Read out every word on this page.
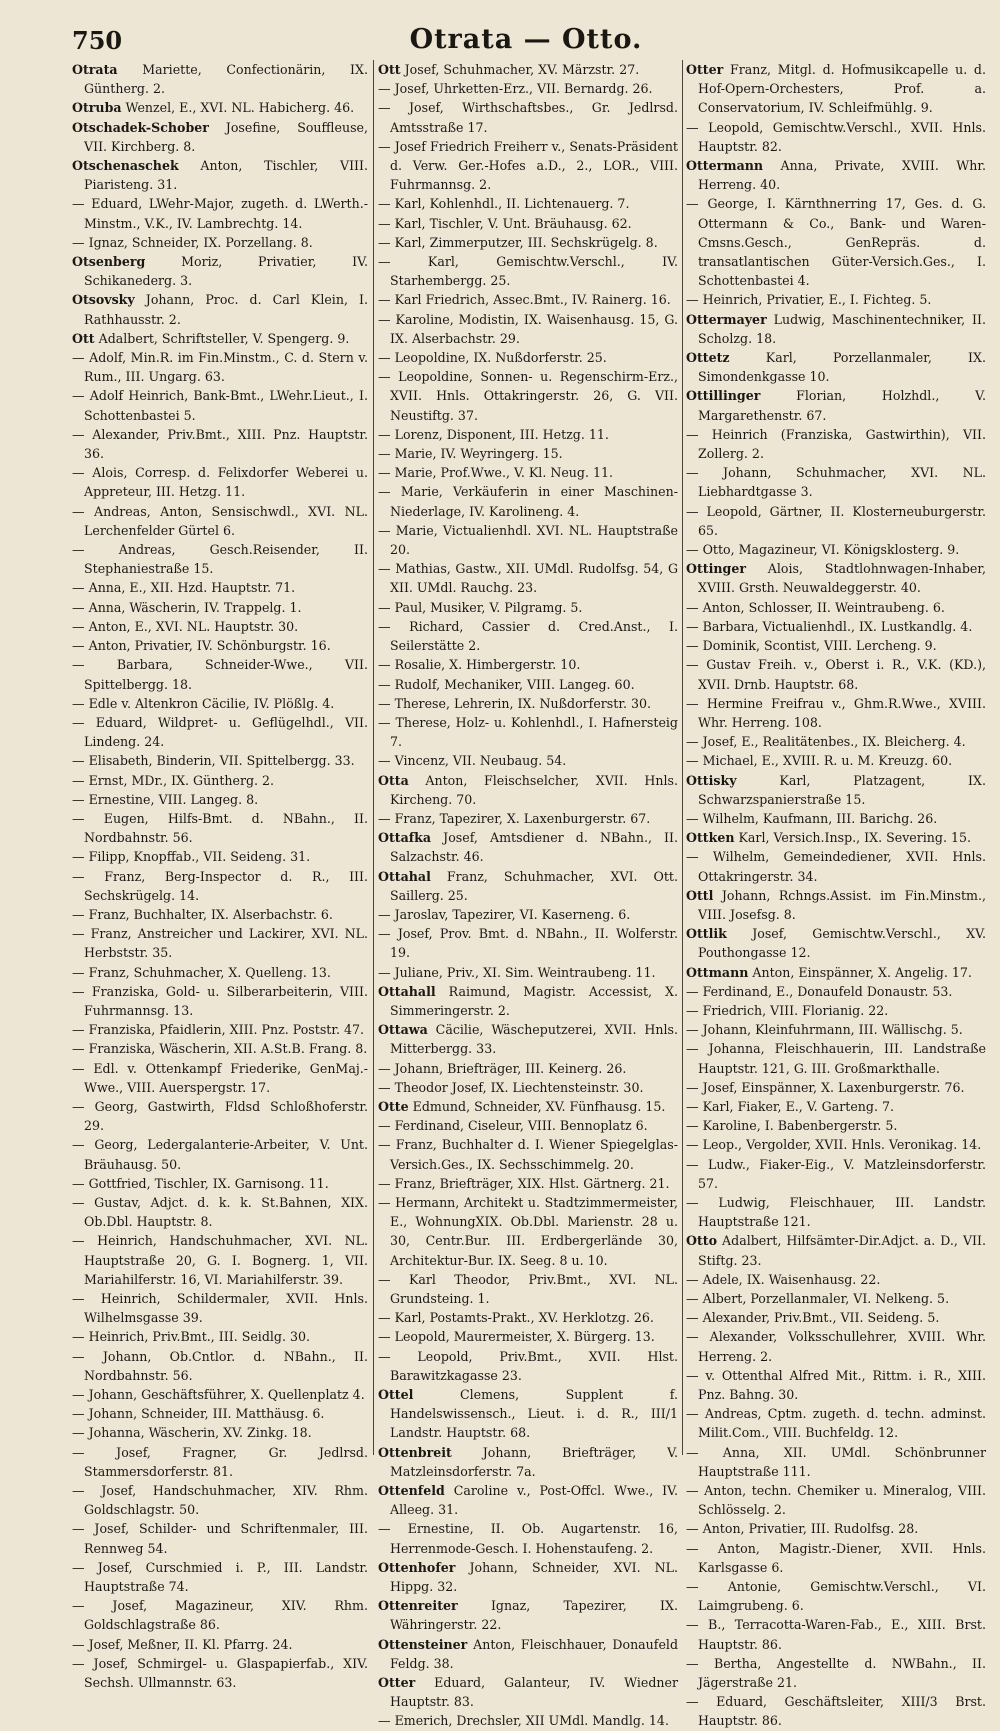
750	Otrata — Otto.

Otrata Mariette, Confectionärin, IX. Güntherg. 2.

Otruba Wenzel, E., XVI. NL. Habicherg. 46.

Otschadek-Schober Josefine, Souffleuse, VII. Kirchberg. 8.

Otschenaschek Anton, Tischler, VIII. Piaristeng. 31.

— Eduard, LWehr-Major, zugeth. d. LWerth.-Minstm., V.K., IV. Lambrechtg. 14.

— Ignaz, Schneider, IX. Porzellang. 8.

Otsenberg Moriz, Privatier, IV. Schikanederg. 3.

Otsovsky Johann, Proc. d. Carl Klein, I. Rathhausstr. 2.

Ott Adalbert, Schriftsteller, V. Spengerg. 9.

— Adolf, Min.R. im Fin.Minstm., C. d. Stern v. Rum., III. Ungarg. 63.

— Adolf Heinrich, Bank-Bmt., LWehr.Lieut., I. Schottenbastei 5.

— Alexander, Priv.Bmt., XIII. Pnz. Hauptstr. 36.

— Alois, Corresp. d. Felixdorfer Weberei u. Appreteur, III. Hetzg. 11.

— Andreas, Anton, Sensischwdl., XVI. NL. Lerchenfelder Gürtel 6.

— Andreas, Gesch.Reisender, II. Stephaniestraße 15.

— Anna, E., XII. Hzd. Hauptstr. 71.

— Anna, Wäscherin, IV. Trappelg. 1.

— Anton, E., XVI. NL. Hauptstr. 30.

— Anton, Privatier, IV. Schönburgstr. 16.

— Barbara, Schneider-Wwe., VII. Spittelbergg. 18.

— Edle v. Altenkron Cäcilie, IV. Plößlg. 4.

— Eduard, Wildpret- u. Geflügelhdl., VII. Lindeng. 24.

— Elisabeth, Binderin, VII. Spittelbergg. 33.

— Ernst, MDr., IX. Güntherg. 2.

— Ernestine, VIII. Langeg. 8.

— Eugen, Hilfs-Bmt. d. NBahn., II. Nordbahnstr. 56.

— Filipp, Knopffab., VII. Seideng. 31.

— Franz, Berg-Inspector d. R., III. Sechskrügelg. 14.

— Franz, Buchhalter, IX. Alserbachstr. 6.

— Franz, Anstreicher und Lackirer, XVI. NL. Herbststr. 35.

— Franz, Schuhmacher, X. Quelleng. 13.

— Franziska, Gold- u. Silberarbeiterin, VIII. Fuhrmannsg. 13.

— Franziska, Pfaidlerin, XIII. Pnz. Poststr. 47.

— Franziska, Wäscherin, XII. A.St.B. Frang. 8.

— Edl. v. Ottenkampf Friederike, GenMaj.-Wwe., VIII. Auerspergstr. 17.

— Georg, Gastwirth, Fldsd Schloßhoferstr. 29.

— Georg, Ledergalanterie-Arbeiter, V. Unt. Bräuhausg. 50.

— Gottfried, Tischler, IX. Garnisong. 11.

— Gustav, Adjct. d. k. k. St.Bahnen, XIX. Ob.Dbl. Hauptstr. 8.

— Heinrich, Handschuhmacher, XVI. NL. Hauptstraße 20, G. I. Bognerg. 1, VII. Mariahilferstr. 16, VI. Mariahilferstr. 39.

— Heinrich, Schildermaler, XVII. Hnls. Wilhelmsgasse 39.

— Heinrich, Priv.Bmt., III. Seidlg. 30.

— Johann, Ob.Cntlor. d. NBahn., II. Nordbahnstr. 56.

— Johann, Geschäftsführer, X. Quellenplatz 4.

— Johann, Schneider, III. Matthäusg. 6.

— Johanna, Wäscherin, XV. Zinkg. 18.

— Josef, Fragner, Gr. Jedlrsd. Stammersdorferstr. 81.

— Josef, Handschuhmacher, XIV. Rhm. Goldschlagstr. 50.

— Josef, Schilder- und Schriftenmaler, III. Rennweg 54.

— Josef, Curschmied i. P., III. Landstr. Hauptstraße 74.

— Josef, Magazineur, XIV. Rhm. Goldschlagstraße 86.

— Josef, Meßner, II. Kl. Pfarrg. 24.

— Josef, Schmirgel- u. Glaspapierfab., XIV. Sechsh. Ullmannstr. 63.

Ott Josef, Schuhmacher, XV. Märzstr. 27.

— Josef, Uhrketten-Erz., VII. Bernardg. 26.

— Josef, Wirthschaftsbes., Gr. Jedlrsd. Amtsstraße 17.

— Josef Friedrich Freiherr v., Senats-Präsident d. Verw. Ger.-Hofes a.D., 2., LOR., VIII. Fuhrmannsg. 2.

— Karl, Kohlenhdl., II. Lichtenauerg. 7.

— Karl, Tischler, V. Unt. Bräuhausg. 62.

— Karl, Zimmerputzer, III. Sechskrügelg. 8.

— Karl, Gemischtw.Verschl., IV. Starhembergg. 25.

— Karl Friedrich, Assec.Bmt., IV. Rainerg. 16.

— Karoline, Modistin, IX. Waisenhausg. 15, G. IX. Alserbachstr. 29.

— Leopoldine, IX. Nußdorferstr. 25.

— Leopoldine, Sonnen- u. Regenschirm-Erz., XVII. Hnls. Ottakringerstr. 26, G. VII. Neustiftg. 37.

— Lorenz, Disponent, III. Hetzg. 11.

— Marie, IV. Weyringerg. 15.

— Marie, Prof.Wwe., V. Kl. Neug. 11.

— Marie, Verkäuferin in einer Maschinen-Niederlage, IV. Karolineng. 4.

— Marie, Victualienhdl. XVI. NL. Hauptstraße 20.

— Mathias, Gastw., XII. UMdl. Rudolfsg. 54, G XII. UMdl. Rauchg. 23.

— Paul, Musiker, V. Pilgramg. 5.

— Richard, Cassier d. Cred.Anst., I. Seilerstätte 2.

— Rosalie, X. Himbergerstr. 10.

— Rudolf, Mechaniker, VIII. Langeg. 60.

— Therese, Lehrerin, IX. Nußdorferstr. 30.

— Therese, Holz- u. Kohlenhdl., I. Hafnersteig 7.

— Vincenz, VII. Neubaug. 54.

Otta Anton, Fleischselcher, XVII. Hnls. Kircheng. 70.

— Franz, Tapezirer, X. Laxenburgerstr. 67.

Ottafka Josef, Amtsdiener d. NBahn., II. Salzachstr. 46.

Ottahal Franz, Schuhmacher, XVI. Ott. Saillerg. 25.

— Jaroslav, Tapezirer, VI. Kaserneng. 6.

— Josef, Prov. Bmt. d. NBahn., II. Wolferstr. 19.

— Juliane, Priv., XI. Sim. Weintraubeng. 11.

Ottahall Raimund, Magistr. Accessist, X. Simmeringerstr. 2.

Ottawa Cäcilie, Wäscheputzerei, XVII. Hnls. Mitterbergg. 33.

— Johann, Briefträger, III. Keinerg. 26.

— Theodor Josef, IX. Liechtensteinstr. 30.

Otte Edmund, Schneider, XV. Fünfhausg. 15.

— Ferdinand, Ciseleur, VIII. Bennoplatz 6.

— Franz, Buchhalter d. I. Wiener Spiegelglas-Versich.Ges., IX. Sechsschimmelg. 20.

— Franz, Briefträger, XIX. Hlst. Gärtnerg. 21.

— Hermann, Architekt u. Stadtzimmermeister, E., WohnungXIX. Ob.Dbl. Marienstr. 28 u. 30, Centr.Bur. III. Erdbergerlände 30, Architektur-Bur. IX. Seeg. 8 u. 10.

— Karl Theodor, Priv.Bmt., XVI. NL. Grundsteing. 1.

— Karl, Postamts-Prakt., XV. Herklotzg. 26.

— Leopold, Maurermeister, X. Bürgerg. 13.

— Leopold, Priv.Bmt., XVII. Hlst. Barawitzkagasse 23.

Ottel Clemens, Supplent f. Handelswissensch., Lieut. i. d. R., III/1 Landstr. Hauptstr. 68.

Ottenbreit Johann, Briefträger, V. Matzleinsdorferstr. 7a.

Ottenfeld Caroline v., Post-Offcl. Wwe., IV. Alleeg. 31.

— Ernestine, II. Ob. Augartenstr. 16, Herrenmode-Gesch. I. Hohenstaufeng. 2.

Ottenhofer Johann, Schneider, XVI. NL. Hippg. 32.

Ottenreiter Ignaz, Tapezirer, IX. Währingerstr. 22.

Ottensteiner Anton, Fleischhauer, Donaufeld Feldg. 38.

Otter Eduard, Galanteur, IV. Wiedner Hauptstr. 83.

— Emerich, Drechsler, XII UMdl. Mandlg. 14.

Otter Franz, Mitgl. d. Hofmusikcapelle u. d. Hof-Opern-Orchesters, Prof. a. Conservatorium, IV. Schleifmühlg. 9.

— Leopold, Gemischtw.Verschl., XVII. Hnls. Hauptstr. 82.

Ottermann Anna, Private, XVIII. Whr. Herreng. 40.

— George, I. Kärnthnerring 17, Ges. d. G. Ottermann & Co., Bank- und Waren-Cmsns.Gesch., GenRepräs. d. transatlantischen Güter-Versich.Ges., I. Schottenbastei 4.

— Heinrich, Privatier, E., I. Fichteg. 5.

Ottermayer Ludwig, Maschinentechniker, II. Scholzg. 18.

Ottetz Karl, Porzellanmaler, IX. Simondenkgasse 10.

Ottillinger Florian, Holzhdl., V. Margarethenstr. 67.

— Heinrich (Franziska, Gastwirthin), VII. Zollerg. 2.

— Johann, Schuhmacher, XVI. NL. Liebhardtgasse 3.

— Leopold, Gärtner, II. Klosterneuburgerstr. 65.

— Otto, Magazineur, VI. Königsklosterg. 9.

Ottinger Alois, Stadtlohnwagen-Inhaber, XVIII. Grsth. Neuwaldeggerstr. 40.

— Anton, Schlosser, II. Weintraubeng. 6.

— Barbara, Victualienhdl., IX. Lustkandlg. 4.

— Dominik, Scontist, VIII. Lercheng. 9.

— Gustav Freih. v., Oberst i. R., V.K. (KD.), XVII. Drnb. Hauptstr. 68.

— Hermine Freifrau v., Ghm.R.Wwe., XVIII. Whr. Herreng. 108.

— Josef, E., Realitätenbes., IX. Bleicherg. 4.

— Michael, E., XVIII. R. u. M. Kreuzg. 60.

Ottisky Karl, Platzagent, IX. Schwarzspanierstraße 15.

— Wilhelm, Kaufmann, III. Barichg. 26.

Ottken Karl, Versich.Insp., IX. Severing. 15.

— Wilhelm, Gemeindediener, XVII. Hnls. Ottakringerstr. 34.

Ottl Johann, Rchngs.Assist. im Fin.Minstm., VIII. Josefsg. 8.

Ottlik Josef, Gemischtw.Verschl., XV. Pouthongasse 12.

Ottmann Anton, Einspänner, X. Angelig. 17.

— Ferdinand, E., Donaufeld Donaustr. 53.

— Friedrich, VIII. Florianig. 22.

— Johann, Kleinfuhrmann, III. Wällischg. 5.

— Johanna, Fleischhauerin, III. Landstraße Hauptstr. 121, G. III. Großmarkthalle.

— Josef, Einspänner, X. Laxenburgerstr. 76.

— Karl, Fiaker, E., V. Garteng. 7.

— Karoline, I. Babenbergerstr. 5.

— Leop., Vergolder, XVII. Hnls. Veronikag. 14.

— Ludw., Fiaker-Eig., V. Matzleinsdorferstr. 57.

— Ludwig, Fleischhauer, III. Landstr. Hauptstraße 121.

Otto Adalbert, Hilfsämter-Dir.Adjct. a. D., VII. Stiftg. 23.

— Adele, IX. Waisenhausg. 22.

— Albert, Porzellanmaler, VI. Nelkeng. 5.

— Alexander, Priv.Bmt., VII. Seideng. 5.

— Alexander, Volksschullehrer, XVIII. Whr. Herreng. 2.

— v. Ottenthal Alfred Mit., Rittm. i. R., XIII. Pnz. Bahng. 30.

— Andreas, Cptm. zugeth. d. techn. adminst. Milit.Com., VIII. Buchfeldg. 12.

— Anna, XII. UMdl. Schönbrunner Hauptstraße 111.

— Anton, techn. Chemiker u. Mineralog, VIII. Schlösselg. 2.

— Anton, Privatier, III. Rudolfsg. 28.

— Anton, Magistr.-Diener, XVII. Hnls. Karlsgasse 6.

— Antonie, Gemischtw.Verschl., VI. Laimgrubeng. 6.

— B., Terracotta-Waren-Fab., E., XIII. Brst. Hauptstr. 86.

— Bertha, Angestellte d. NWBahn., II. Jägerstraße 21.

— Eduard, Geschäftsleiter, XIII/3 Brst. Hauptstr. 86.
